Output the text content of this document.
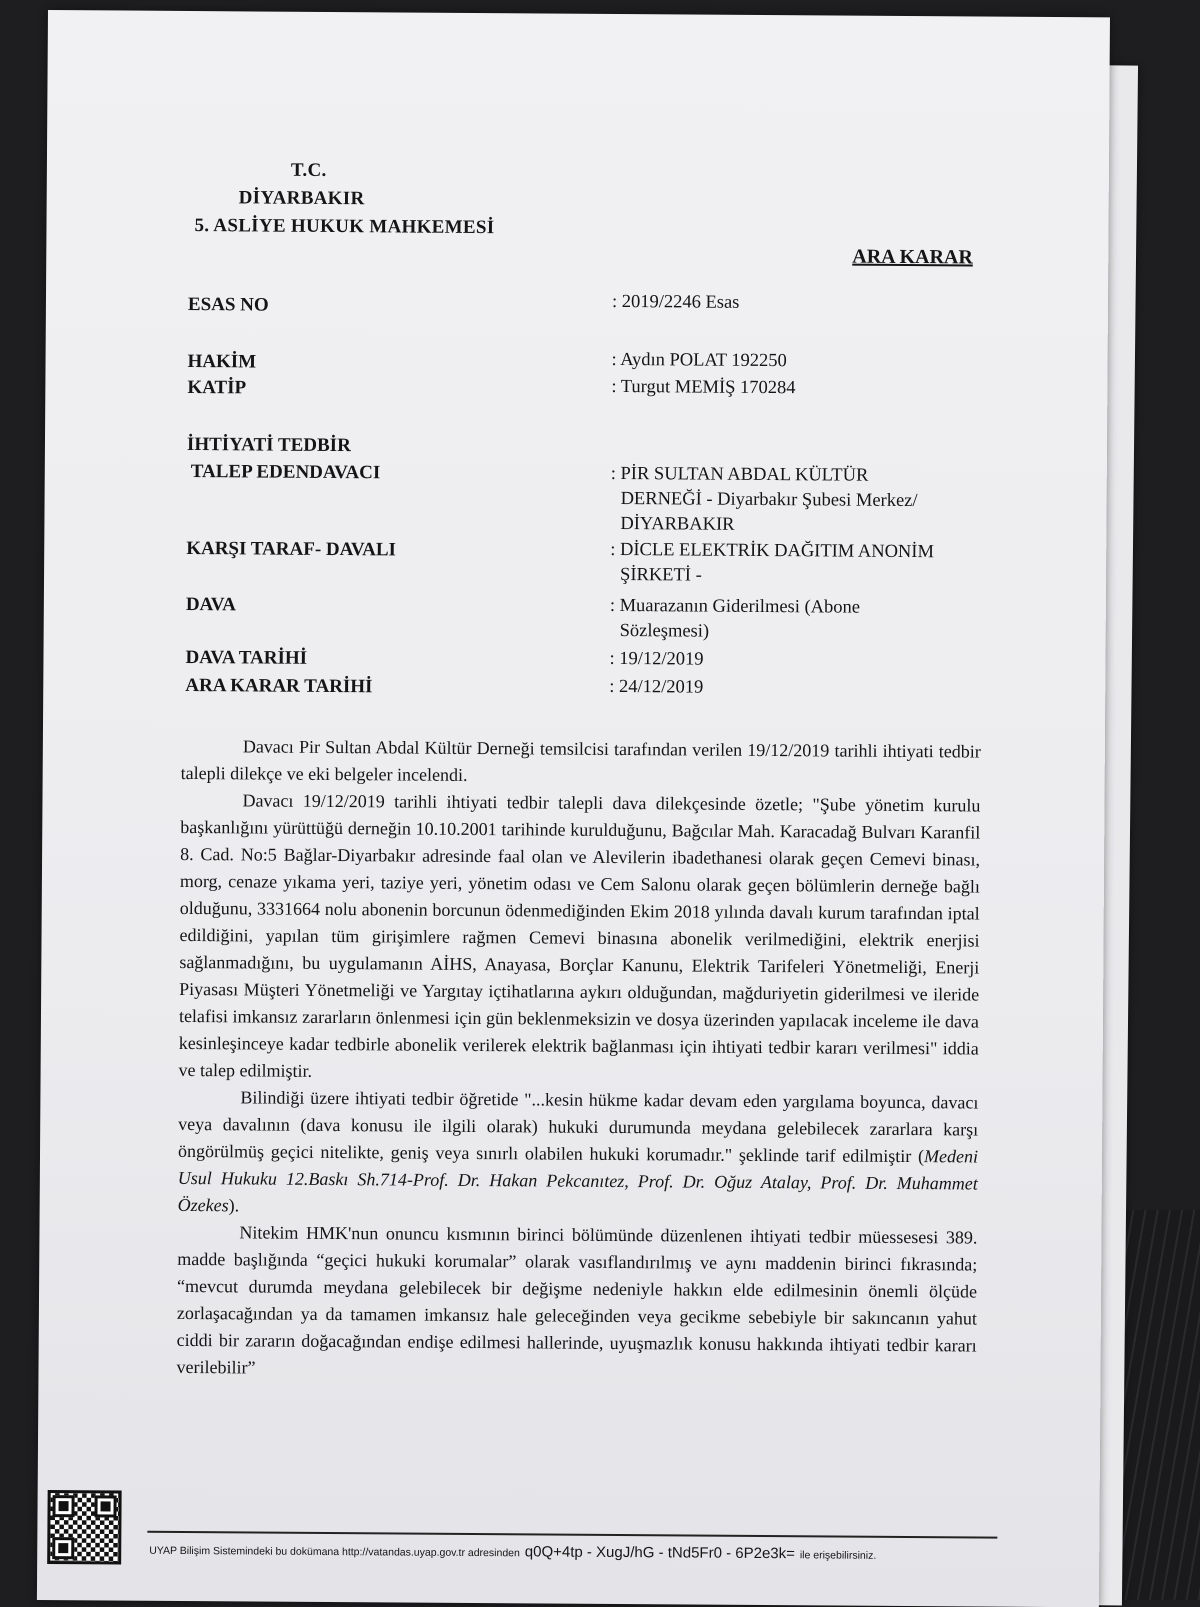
T.C.
DİYARBAKIR
5. ASLİYE HUKUK MAHKEMESİ
ARA KARAR
ESAS NO	: 2019/2246 Esas
HAKİM	: Aydın POLAT 192250
KATİP	: Turgut MEMİŞ 170284
İHTİYATİ TEDBİR
TALEP EDENDAVACI	: PİR SULTAN ABDAL KÜLTÜR
DERNEĞİ - Diyarbakır Şubesi Merkez/
DİYARBAKIR
KARŞI TARAF- DAVALI	: DİCLE ELEKTRİK DAĞITIM ANONİM
ŞİRKETİ -
DAVA	: Muarazanın Giderilmesi (Abone
Sözleşmesi)
DAVA TARİHİ	: 19/12/2019
ARA KARAR TARİHİ	: 24/12/2019

Davacı Pir Sultan Abdal Kültür Derneği temsilcisi tarafından verilen 19/12/2019 tarihli ihtiyati tedbir talepli dilekçe ve eki belgeler incelendi.

Davacı 19/12/2019 tarihli ihtiyati tedbir talepli dava dilekçesinde özetle; "Şube yönetim kurulu başkanlığını yürüttüğü derneğin 10.10.2001 tarihinde kurulduğunu, Bağcılar Mah. Karacadağ Bulvarı Karanfil 8. Cad. No:5 Bağlar-Diyarbakır adresinde faal olan ve Alevilerin ibadethanesi olarak geçen Cemevi binası, morg, cenaze yıkama yeri, taziye yeri, yönetim odası ve Cem Salonu olarak geçen bölümlerin derneğe bağlı olduğunu, 3331664 nolu abonenin borcunun ödenmediğinden Ekim 2018 yılında davalı kurum tarafından iptal edildiğini, yapılan tüm girişimlere rağmen Cemevi binasına abonelik verilmediğini, elektrik enerjisi sağlanmadığını, bu uygulamanın AİHS, Anayasa, Borçlar Kanunu, Elektrik Tarifeleri Yönetmeliği, Enerji Piyasası Müşteri Yönetmeliği ve Yargıtay içtihatlarına aykırı olduğundan, mağduriyetin giderilmesi ve ileride telafisi imkansız zararların önlenmesi için gün beklenmeksizin ve dosya üzerinden yapılacak inceleme ile dava kesinleşinceye kadar tedbirle abonelik verilerek elektrik bağlanması için ihtiyati tedbir kararı verilmesi" iddia ve talep edilmiştir.

Bilindiği üzere ihtiyati tedbir öğretide "...kesin hükme kadar devam eden yargılama boyunca, davacı veya davalının (dava konusu ile ilgili olarak) hukuki durumunda meydana gelebilecek zararlara karşı öngörülmüş geçici nitelikte, geniş veya sınırlı olabilen hukuki korumadır." şeklinde tarif edilmiştir (Medeni Usul Hukuku 12.Baskı Sh.714-Prof. Dr. Hakan Pekcanıtez, Prof. Dr. Oğuz Atalay, Prof. Dr. Muhammet Özekes).

Nitekim HMK'nun onuncu kısmının birinci bölümünde düzenlenen ihtiyati tedbir müessesesi 389. madde başlığında “geçici hukuki korumalar” olarak vasıflandırılmış ve aynı maddenin birinci fıkrasında; “mevcut durumda meydana gelebilecek bir değişme nedeniyle hakkın elde edilmesinin önemli ölçüde zorlaşacağından ya da tamamen imkansız hale geleceğinden veya gecikme sebebiyle bir sakıncanın yahut ciddi bir zararın doğacağından endişe edilmesi hallerinde, uyuşmazlık konusu hakkında ihtiyati tedbir kararı verilebilir”

UYAP Bilişim Sistemindeki bu dokümana http://vatandas.uyap.gov.tr adresinden q0Q+4tp - XugJ/hG - tNd5Fr0 - 6P2e3k= ile erişebilirsiniz.
